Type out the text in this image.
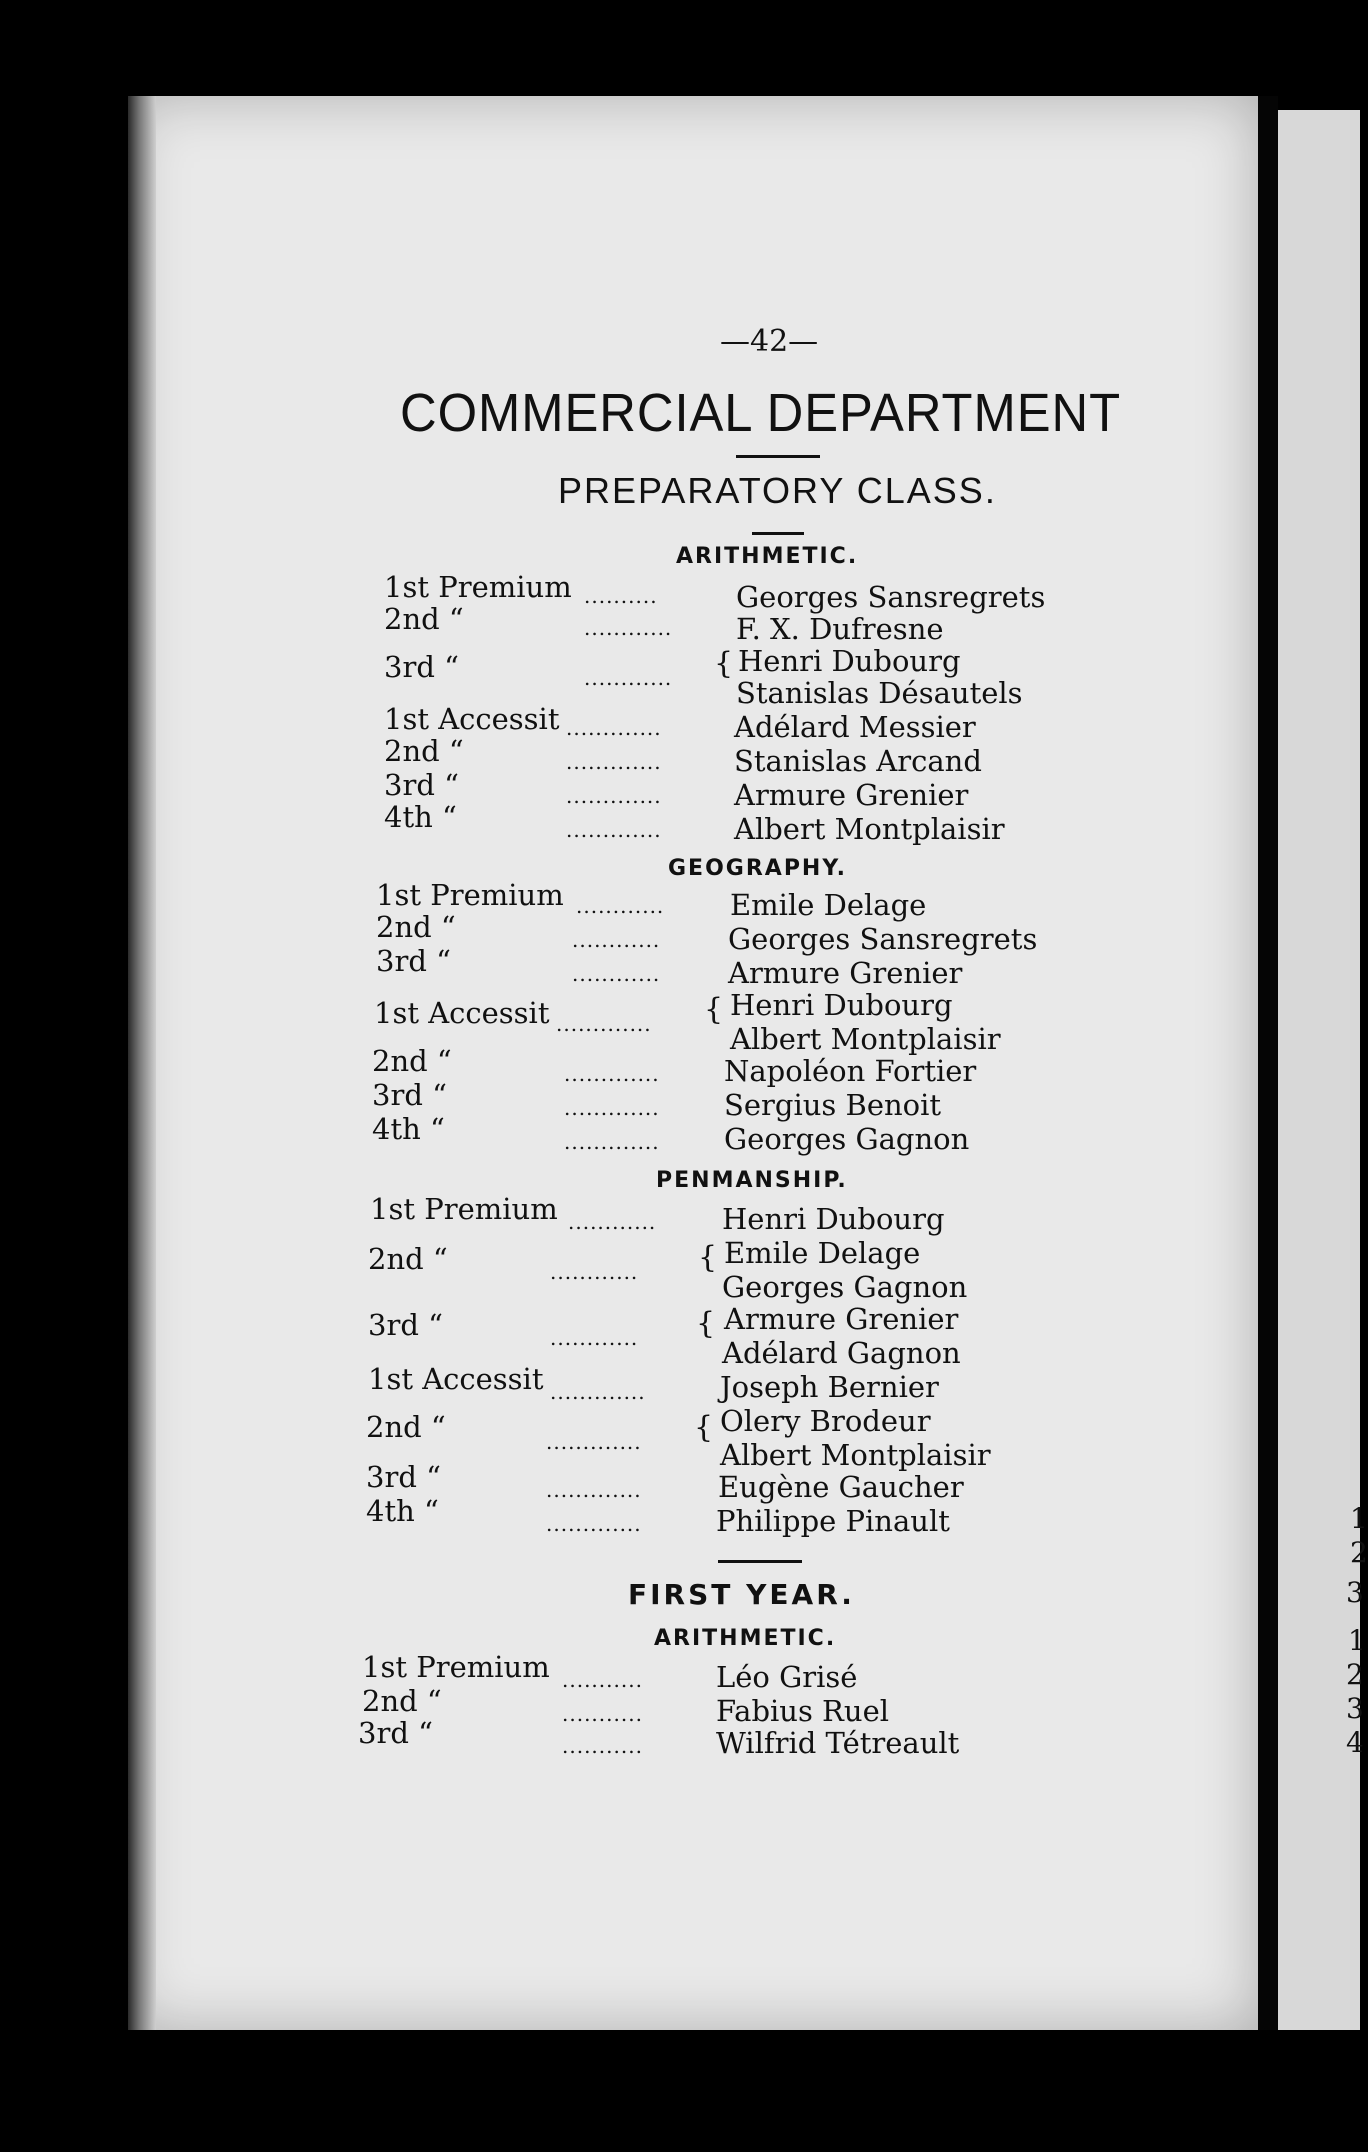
—42—
COMMERCIAL DEPARTMENT
PREPARATORY CLASS.
ARITHMETIC.
1st Premium ..........	Georges Sansregrets
2nd “	............ F. X. Dufresne
3rd “	............ { Henri Dubourg
Stanislas Désautels
1st Accessit ............. Adélard Messier
2nd “	............. Stanislas Arcand
3rd “	............. Armure Grenier
4th “	............. Albert Montplaisir
GEOGRAPHY.
1st Premium ............ Emile Delage
2nd “	............ Georges Sansregrets
3rd “	............ Armure Grenier
1st Accessit ............. { Henri Dubourg
Albert Montplaisir
2nd “	............. Napoléon Fortier
3rd “	............. Sergius Benoit
4th “	............. Georges Gagnon
PENMANSHIP.
1st Premium ............ Henri Dubourg
2nd “	............ { Emile Delage
Georges Gagnon
3rd “	............ { Armure Grenier
Adélard Gagnon
1st Accessit .............	Joseph Bernier
2nd “	............. { Olery Brodeur
Albert Montplaisir
3rd “	.............	Eugène Gaucher
4th “	.............	Philippe Pinault
FIRST YEAR.
ARITHMETIC.
1st Premium ...........	Léo Grisé
2nd “	...........	Fabius Ruel
3rd “	...........	Wilfrid Tétreault
1
2
3
1
2
3
4
